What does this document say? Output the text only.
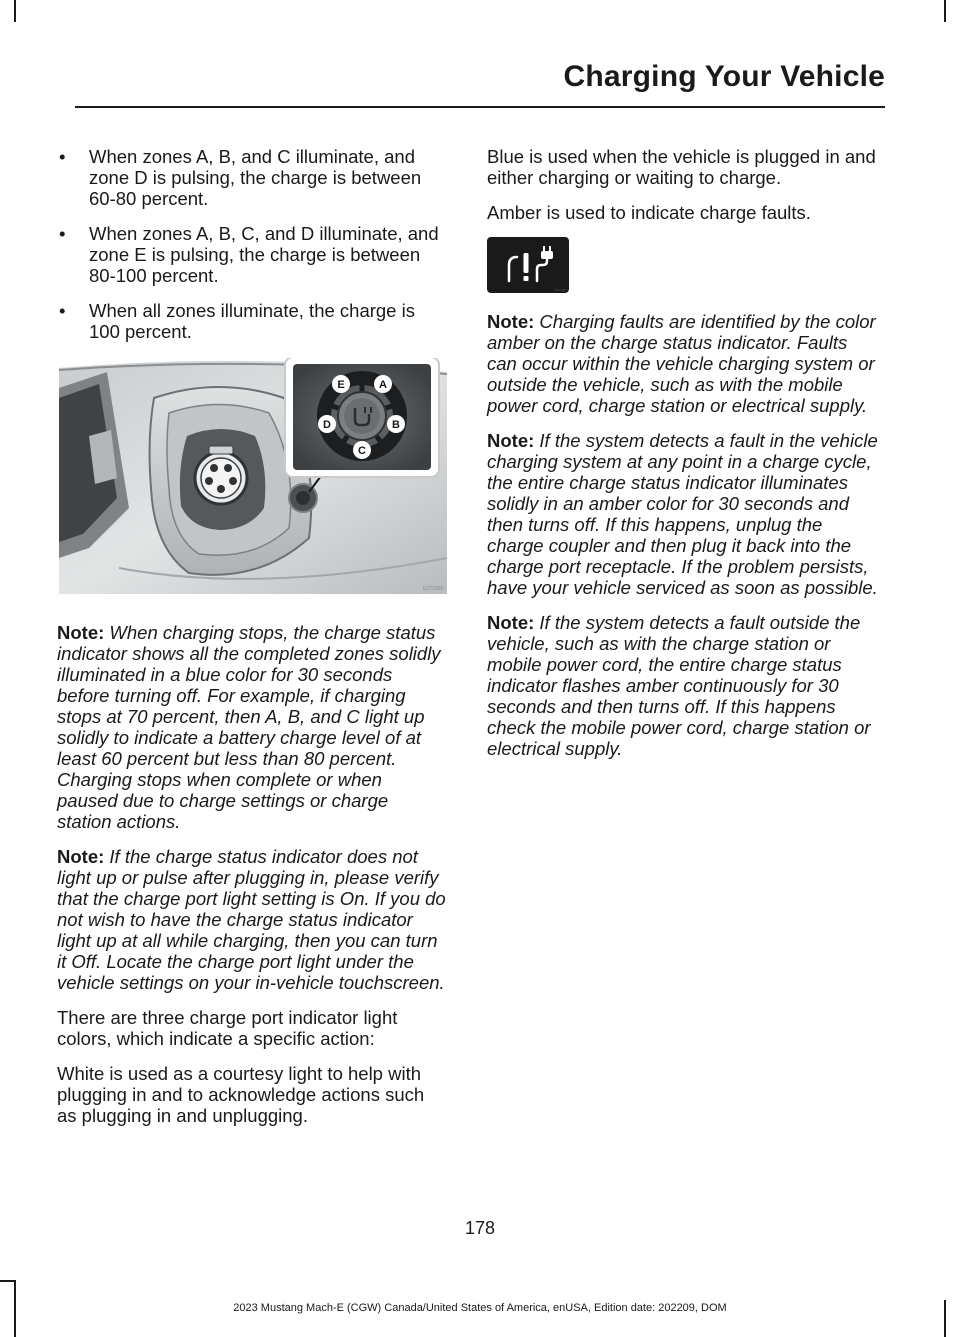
Charging Your Vehicle
• When zones A, B, and C illuminate, and zone D is pulsing, the charge is between 60-80 percent.
• When zones A, B, C, and D illuminate, and zone E is pulsing, the charge is between 80-100 percent.
• When all zones illuminate, the charge is 100 percent.
A
B
C
D
E
E371089

Note: When charging stops, the charge status indicator shows all the completed zones solidly illuminated in a blue color for 30 seconds before turning off. For example, if charging stops at 70 percent, then A, B, and C light up solidly to indicate a battery charge level of at least 60 percent but less than 80 percent. Charging stops when complete or when paused due to charge settings or charge station actions.

Note: If the charge status indicator does not light up or pulse after plugging in, please verify that the charge port light setting is On. If you do not wish to have the charge status indicator light up at all while charging, then you can turn it Off. Locate the charge port light under the vehicle settings on your in-vehicle touchscreen.

There are three charge port indicator light colors, which indicate a specific action:

White is used as a courtesy light to help with plugging in and to acknowledge actions such as plugging in and unplugging.

Blue is used when the vehicle is plugged in and either charging or waiting to charge.

Amber is used to indicate charge faults.

E374287

Note: Charging faults are identified by the color amber on the charge status indicator. Faults can occur within the vehicle charging system or outside the vehicle, such as with the mobile power cord, charge station or electrical supply.

Note: If the system detects a fault in the vehicle charging system at any point in a charge cycle, the entire charge status indicator illuminates solidly in an amber color for 30 seconds and then turns off. If this happens, unplug the charge coupler and then plug it back into the charge port receptacle. If the problem persists, have your vehicle serviced as soon as possible.

Note: If the system detects a fault outside the vehicle, such as with the charge station or mobile power cord, the entire charge status indicator flashes amber continuously for 30 seconds and then turns off. If this happens check the mobile power cord, charge station or electrical supply.

178
2023 Mustang Mach-E (CGW) Canada/United States of America, enUSA, Edition date: 202209, DOM
